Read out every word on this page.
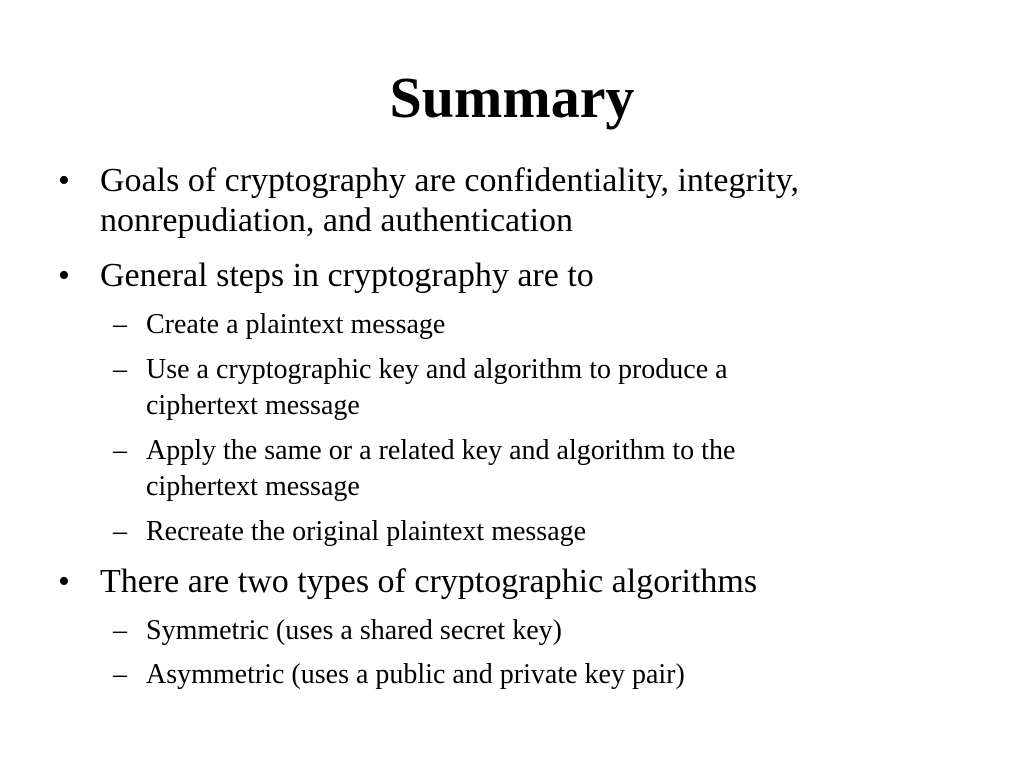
Summary
• Goals of cryptography are confidentiality, integrity,
nonrepudiation, and authentication
• General steps in cryptography are to
– Create a plaintext message
– Use a cryptographic key and algorithm to produce a
ciphertext message
– Apply the same or a related key and algorithm to the
ciphertext message
– Recreate the original plaintext message
• There are two types of cryptographic algorithms
– Symmetric (uses a shared secret key)
– Asymmetric (uses a public and private key pair)
